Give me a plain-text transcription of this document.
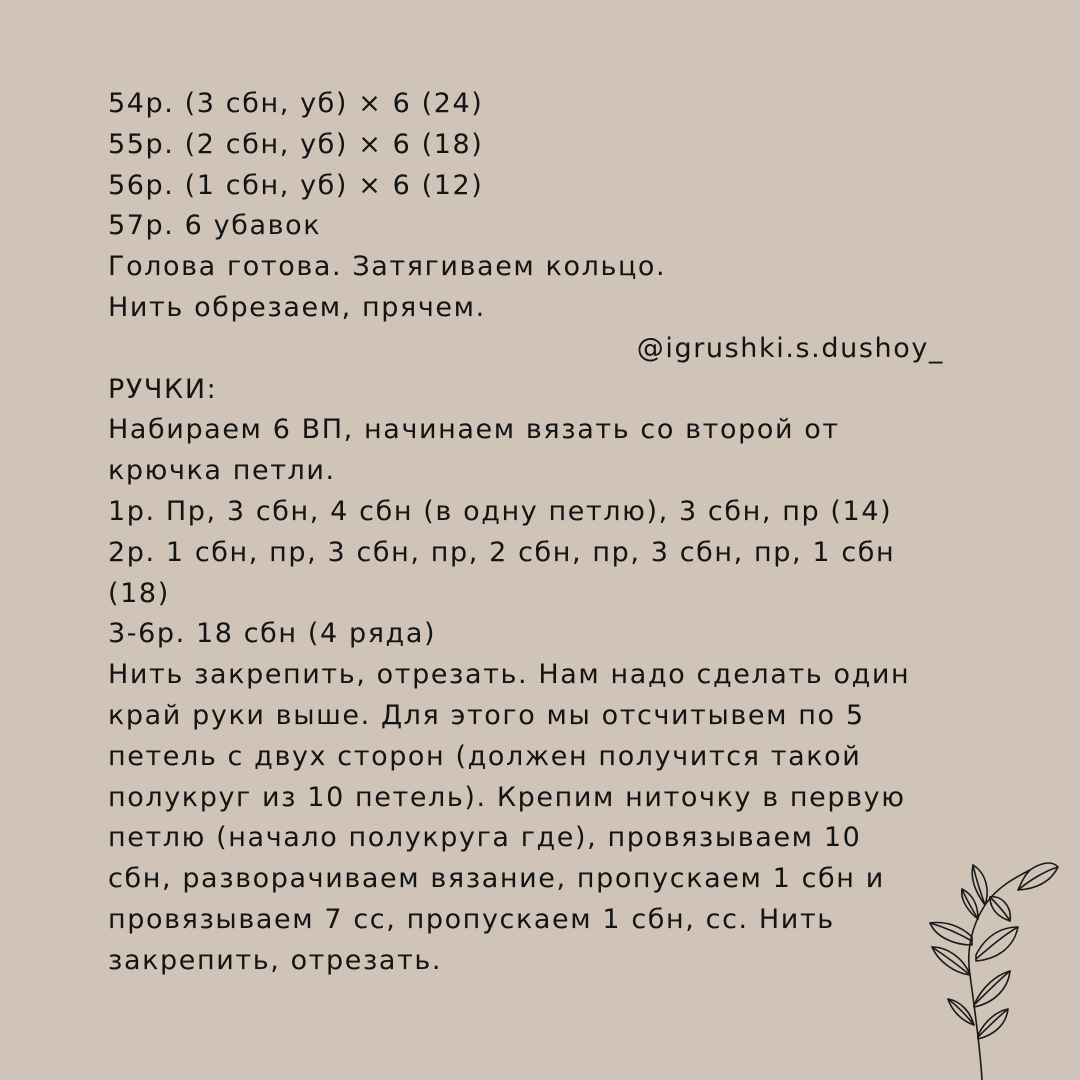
54р. (3 сбн, уб) × 6 (24)
55р. (2 сбн, уб) × 6 (18)
56р. (1 сбн, уб) × 6 (12)
57р. 6 убавок
Голова готова. Затягиваем кольцо.
Нить обрезаем, прячем.
@igrushki.s.dushoy_
РУЧКИ:
Набираем 6 ВП, начинаем вязать со второй от
крючка петли.
1р. Пр, 3 сбн, 4 сбн (в одну петлю), 3 сбн, пр (14)
2р. 1 сбн, пр, 3 сбн, пр, 2 сбн, пр, 3 сбн, пр, 1 сбн
(18)
3-6р. 18 сбн (4 ряда)
Нить закрепить, отрезать. Нам надо сделать один
край руки выше. Для этого мы отсчитывем по 5
петель с двух сторон (должен получится такой
полукруг из 10 петель). Крепим ниточку в первую
петлю (начало полукруга где), провязываем 10
сбн, разворачиваем вязание, пропускаем 1 сбн и
провязываем 7 сс, пропускаем 1 сбн, сс. Нить
закрепить, отрезать.
